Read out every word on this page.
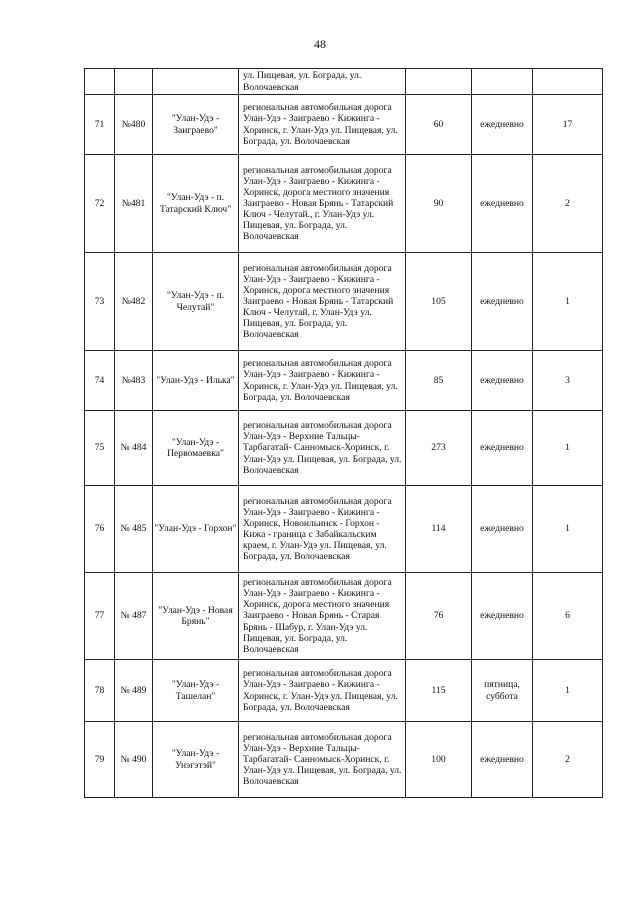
48
			ул. Пищевая, ул. Бограда, ул. Волочаевская			
71	№480	"Улан-Удэ - Заиграево"	региональная автомобильная дорога Улан-Удэ - Заиграево - Кижинга - Хоринск, г. Улан-Удэ ул. Пищевая, ул. Бограда, ул. Волочаевская	60	ежедневно	17
72	№481	"Улан-Удэ - п. Татарский Ключ"	региональная автомобильная дорога Улан-Удэ - Заиграево - Кижинга - Хоринск, дорога местного значения Заиграево - Новая Брянь - Татарский Ключ - Челутай., г. Улан-Удэ ул. Пищевая, ул. Бограда, ул. Волочаевская	90	ежедневно	2
73	№482	"Улан-Удэ - п. Челутай"	региональная автомобильная дорога Улан-Удэ - Заиграево - Кижинга - Хоринск, дорога местного значения Заиграево - Новая Брянь - Татарский Ключ - Челутай, г. Улан-Удэ ул. Пищевая, ул. Бограда, ул. Волочаевская	105	ежедневно	1
74	№483	"Улан-Удэ - Илька"	региональная автомобильная дорога Улан-Удэ - Заиграево - Кижинга - Хоринск, г. Улан-Удэ ул. Пищевая, ул. Бограда, ул. Волочаевская	85	ежедневно	3
75	№ 484	"Улан-Удэ - Первомаевка"	региональная автомобильная дорога Улан-Удэ - Верхние Тальцы- Тарбагатай- Санномыск-Хоринск, г. Улан-Удэ ул. Пищевая, ул. Бограда, ул. Волочаевская	273	ежедневно	1
76	№ 485	"Улан-Удэ - Горхон"	региональная автомобильная дорога Улан-Удэ - Заиграево - Кижинга - Хоринск, Новоильинск - Горхон - Кижа - граница с Забайкальским краем, г. Улан-Удэ ул. Пищевая, ул. Бограда, ул. Волочаевская	114	ежедневно	1
77	№ 487	"Улан-Удэ - Новая Брянь"	региональная автомобильная дорога Улан-Удэ - Заиграево - Кижинга - Хоринск, дорога местного значения Заиграево - Новая Брянь - Старая Брянь - Шабур, г. Улан-Удэ ул. Пищевая, ул. Бограда, ул. Волочаевская	76	ежедневно	6
78	№ 489	"Улан-Удэ - Ташелан"	региональная автомобильная дорога Улан-Удэ - Заиграево - Кижинга - Хоринск, г. Улан-Удэ ул. Пищевая, ул. Бограда, ул. Волочаевская	115	пятница, суббота	1
79	№ 490	"Улан-Удэ - Унэгэтэй"	региональная автомобильная дорога Улан-Удэ - Верхние Тальцы- Тарбагатай- Санномыск-Хоринск, г. Улан-Удэ ул. Пищевая, ул. Бограда, ул. Волочаевская	100	ежедневно	2
